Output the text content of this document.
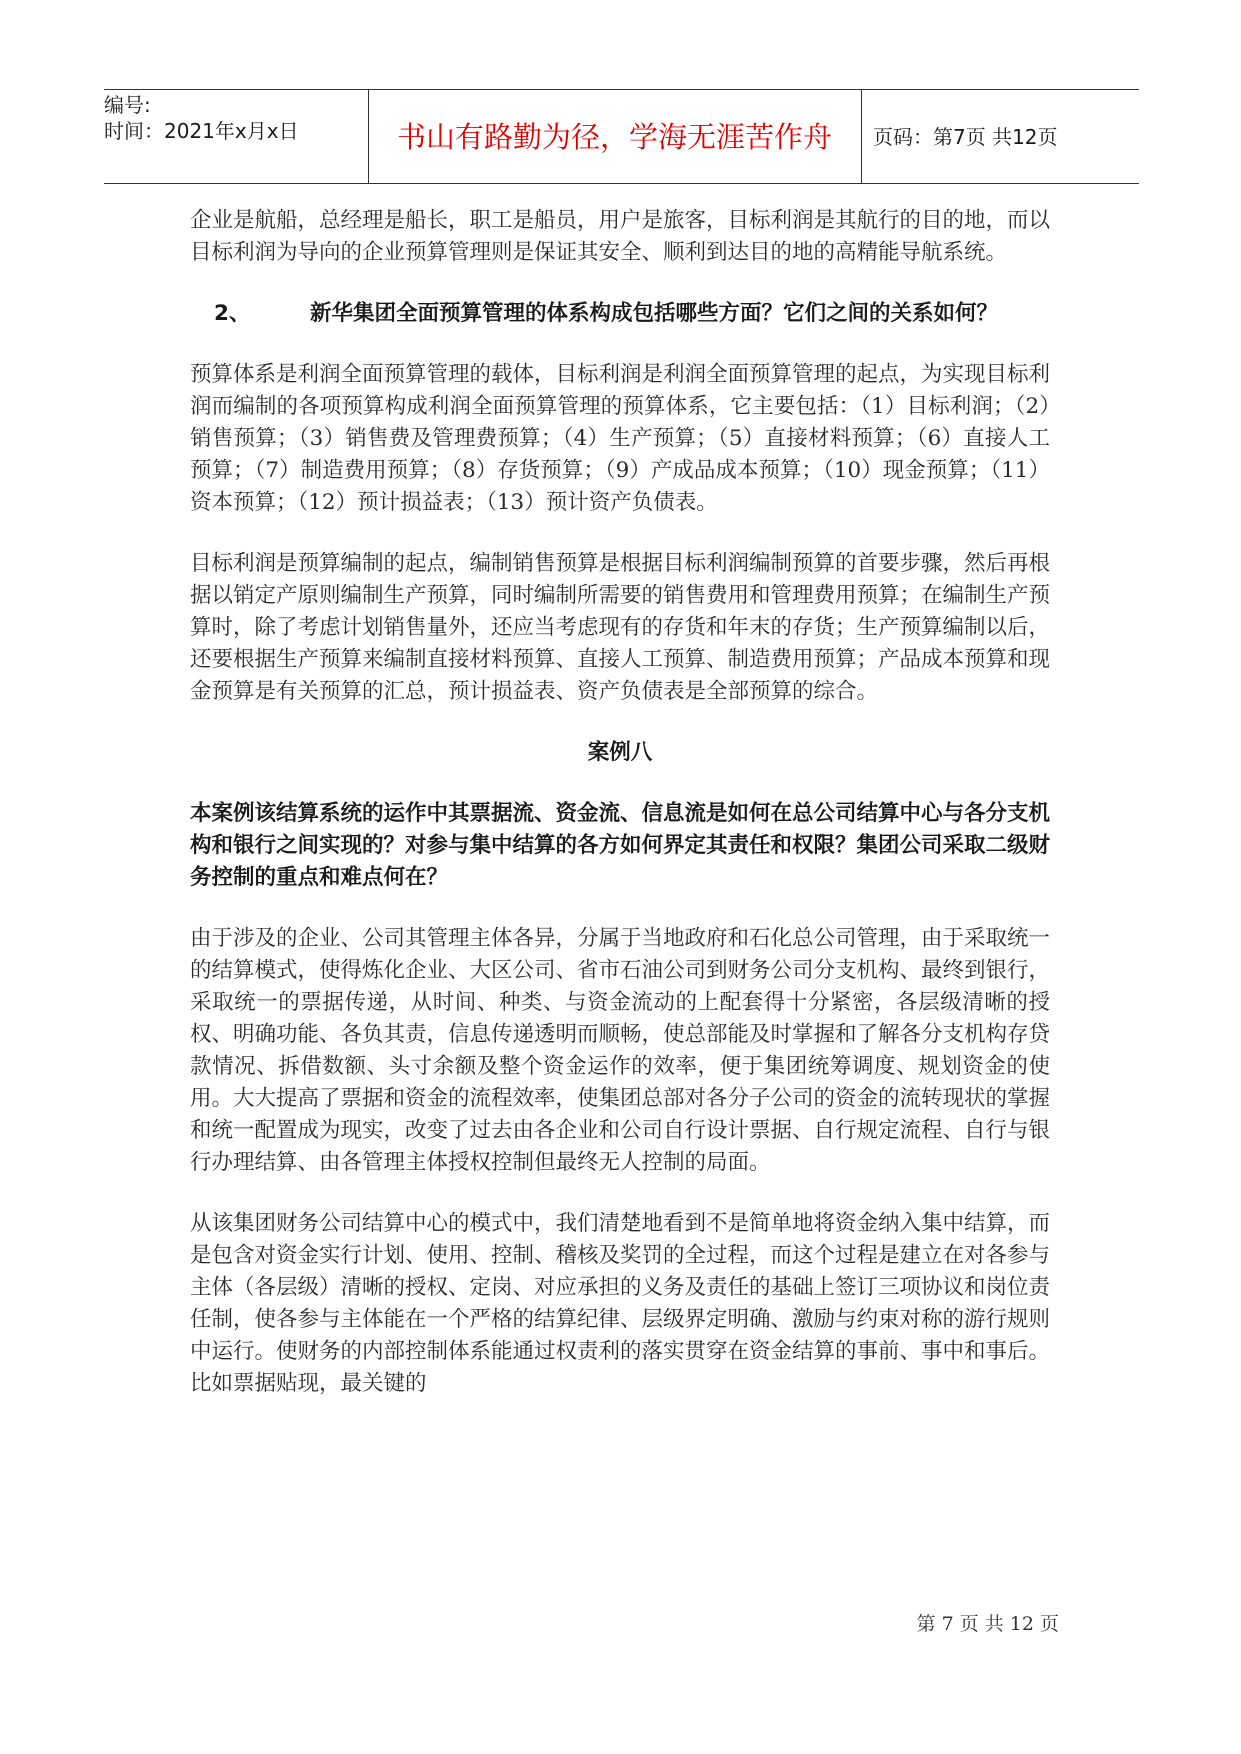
编号:
时间：2021年x月x日	书山有路勤为径，学海无涯苦作舟	页码：第7页 共12页

企业是航船，总经理是船长，职工是船员，用户是旅客，目标利润是其航行的目的地，而以目标利润为导向的企业预算管理则是保证其安全、顺利到达目的地的高精能导航系统。

2、	新华集团全面预算管理的体系构成包括哪些方面？它们之间的关系如何？

预算体系是利润全面预算管理的载体，目标利润是利润全面预算管理的起点，为实现目标利润而编制的各项预算构成利润全面预算管理的预算体系，它主要包括：（1）目标利润；（2）销售预算；（3）销售费及管理费预算；（4）生产预算；（5）直接材料预算；（6）直接人工预算；（7）制造费用预算；（8）存货预算；（9）产成品成本预算；（10）现金预算；（11）资本预算；（12）预计损益表；（13）预计资产负债表。

目标利润是预算编制的起点，编制销售预算是根据目标利润编制预算的首要步骤，然后再根据以销定产原则编制生产预算，同时编制所需要的销售费用和管理费用预算；在编制生产预算时，除了考虑计划销售量外，还应当考虑现有的存货和年末的存货；生产预算编制以后，还要根据生产预算来编制直接材料预算、直接人工预算、制造费用预算；产品成本预算和现金预算是有关预算的汇总，预计损益表、资产负债表是全部预算的综合。

案例八

本案例该结算系统的运作中其票据流、资金流、信息流是如何在总公司结算中心与各分支机构和银行之间实现的？对参与集中结算的各方如何界定其责任和权限？集团公司采取二级财务控制的重点和难点何在？

由于涉及的企业、公司其管理主体各异，分属于当地政府和石化总公司管理，由于采取统一的结算模式，使得炼化企业、大区公司、省市石油公司到财务公司分支机构、最终到银行，采取统一的票据传递，从时间、种类、与资金流动的上配套得十分紧密，各层级清晰的授权、明确功能、各负其责，信息传递透明而顺畅，使总部能及时掌握和了解各分支机构存贷款情况、拆借数额、头寸余额及整个资金运作的效率，便于集团统筹调度、规划资金的使用。大大提高了票据和资金的流程效率，使集团总部对各分子公司的资金的流转现状的掌握和统一配置成为现实，改变了过去由各企业和公司自行设计票据、自行规定流程、自行与银行办理结算、由各管理主体授权控制但最终无人控制的局面。

从该集团财务公司结算中心的模式中，我们清楚地看到不是简单地将资金纳入集中结算，而是包含对资金实行计划、使用、控制、稽核及奖罚的全过程，而这个过程是建立在对各参与主体（各层级）清晰的授权、定岗、对应承担的义务及责任的基础上签订三项协议和岗位责任制，使各参与主体能在一个严格的结算纪律、层级界定明确、激励与约束对称的游行规则中运行。使财务的内部控制体系能通过权责利的落实贯穿在资金结算的事前、事中和事后。比如票据贴现，最关键的

第 7 页 共 12 页
